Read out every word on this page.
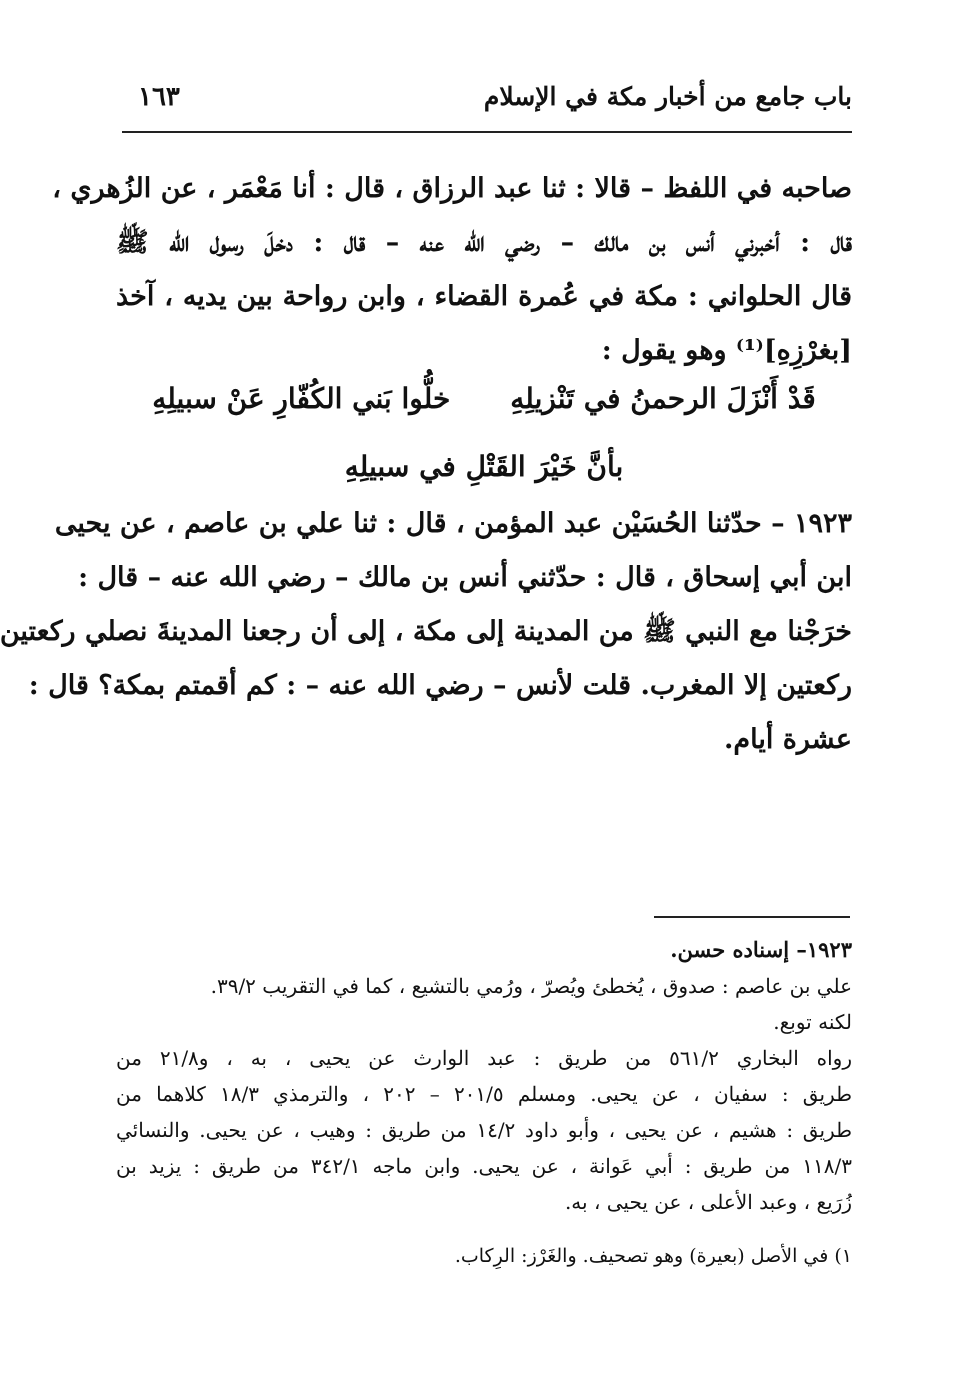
باب جامع من أخبار مكة في الإسلام
١٦٣
صاحبه في اللفظ – قالا : ثنا عبد الرزاق ، قال : أنا مَعْمَر ، عن الزُهري ،
قال : أخبرني أنس بن مالك – رضي الله عنه – قال : دخلَ رسول الله ﷺ
قال الحلواني : مكة في عُمرة القضاء ، وابن رواحة بين يديه ، آخذ
[بغرْزِهِ]⁽¹⁾ وهو يقول :
قَدْ أَنْزَلَ الرحمنُ في تَنْزيلِهِ
خلُّوا بَني الكُفّارِ عَنْ سبيلِهِ
بأنَّ خَيْرَ القَتْلِ في سبيلِهِ
١٩٢٣ – حدّثنا الحُسَيْن عبد المؤمن ، قال : ثنا علي بن عاصم ، عن يحيى
ابن أبي إسحاق ، قال : حدّثني أنس بن مالك – رضي الله عنه – قال :
خرَجْنا مع النبي ﷺ من المدينة إلى مكة ، إلى أن رجعنا المدينةَ نصلي ركعتين
ركعتين إلا المغرب. قلت لأنس – رضي الله عنه – : كم أقمتم بمكة؟ قال :
عشرة أيام.
١٩٢٣– إسناده حسن.
علي بن عاصم : صدوق ، يُخطئ ويُصرّ ، ورُمي بالتشيع ، كما في التقريب ٣٩/٢.
لكنه توبع.
رواه البخاري ٥٦١/٢ من طريق : عبد الوارث عن يحيى ، به ، و٢١/٨ من
طريق : سفيان ، عن يحيى. ومسلم ٢٠١/٥ – ٢٠٢ ، والترمذي ١٨/٣ كلاهما من
طريق : هشيم ، عن يحيى ، وأبو داود ١٤/٢ من طريق : وهيب ، عن يحيى. والنسائي
١١٨/٣ من طريق : أبي عَوانة ، عن يحيى. وابن ماجه ٣٤٢/١ من طريق : يزيد بن
زُرَيع ، وعبد الأعلى ، عن يحيى ، به.
١) في الأصل (بعيرة) وهو تصحيف. والغَرْز: الرِكاب.
